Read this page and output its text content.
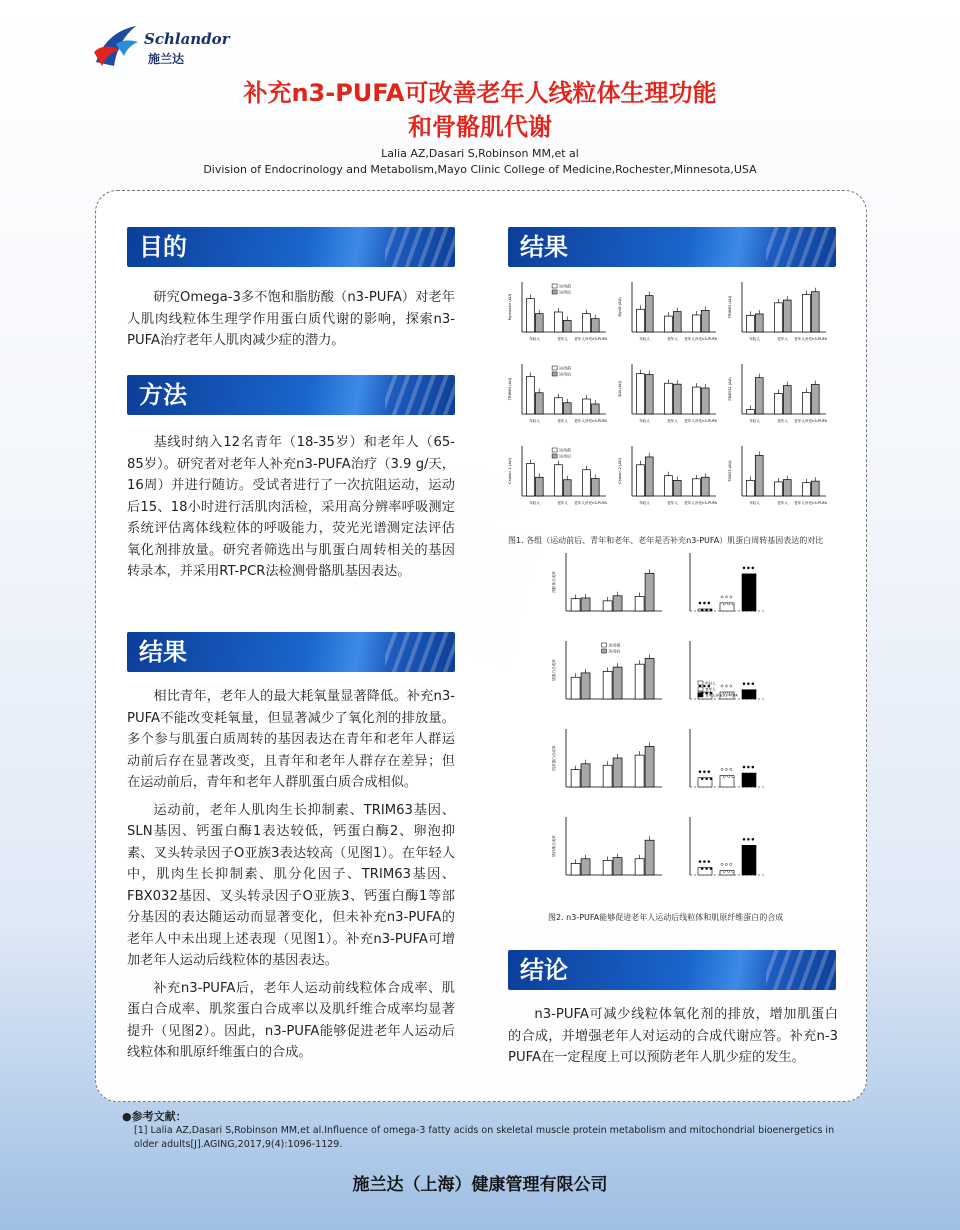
Schlandor
施兰达
补充n3-PUFA可改善老年人线粒体生理功能
和骨骼肌代谢
Lalia AZ,Dasari S,Robinson MM,et al
Division of Endocrinology and Metabolism,Mayo Clinic College of Medicine,Rochester,Minnesota,USA
目的

研究Omega-3多不饱和脂肪酸（n3-PUFA）对老年人肌肉线粒体生理学作用蛋白质代谢的影响，探索n3-PUFA治疗老年人肌肉减少症的潜力。

方法

基线时纳入12名青年（18-35岁）和老年人（65-85岁）。研究者对老年人补充n3-PUFA治疗（3.9 g/天，16周）并进行随访。受试者进行了一次抗阻运动，运动后15、18小时进行活肌肉活检，采用高分辨率呼吸测定系统评估离体线粒体的呼吸能力，荧光光谱测定法评估氧化剂排放量。研究者筛选出与肌蛋白周转相关的基因转录本，并采用RT-PCR法检测骨骼肌基因表达。

结果

相比青年，老年人的最大耗氧量显著降低。补充n3-PUFA不能改变耗氧量，但显著减少了氧化剂的排放量。多个参与肌蛋白质周转的基因表达在青年和老年人群运动前后存在显著改变，且青年和老年人群存在差异；但在运动前后，青年和老年人群肌蛋白质合成相似。

运动前，老年人肌肉生长抑制素、TRIM63基因、SLN基因、钙蛋白酶1表达较低，钙蛋白酶2、卵泡抑素、叉头转录因子O亚族3表达较高（见图1）。在年轻人中，肌肉生长抑制素、肌分化因子、TRIM63基因、FBX032基因、叉头转录因子O亚族3、钙蛋白酶1等部分基因的表达随运动而显著变化，但未补充n3-PUFA的老年人中未出现上述表现（见图1）。补充n3-PUFA可增加老年人运动后线粒体的基因表达。

补充n3-PUFA后，老年人运动前线粒体合成率、肌蛋白合成率、肌浆蛋白合成率以及肌纤维合成率均显著提升（见图2）。因此，n3-PUFA能够促进老年人运动后线粒体和肌原纤维蛋白的合成。

结果
年轻人	老年人 老年人补充n3-PUFA
Myostatin (AU)
运动前
运动后
年轻人	老年人 老年人补充n3-PUFA
MyoD (AU)
年轻人	老年人 老年人补充n3-PUFA
TRIM63 (AU)
年轻人	老年人 老年人补充n3-PUFA
TRIM63 (AU)
运动前
运动后
年轻人	老年人 老年人补充n3-PUFA
SLN (AU)
年轻人	老年人 老年人补充n3-PUFA
FBXO32 (AU)
年轻人	老年人 老年人补充n3-PUFA
Calpain 1 (AU)
运动前
运动后
年轻人	老年人 老年人补充n3-PUFA
Calpain 2 (AU)
年轻人	老年人 老年人补充n3-PUFA
FOXO3 (AU)
图1. 各组（运动前后、青年和老年、老年是否补充n3-PUFA）肌蛋白周转基因表达的对比
线粒体合成率
肌蛋白合成率
运动前
运动后
年轻人
老年人
老年人补充n3-PUFA
肌浆蛋白合成率
肌纤维合成率
图2. n3-PUFA能够促进老年人运动后线粒体和肌原纤维蛋白的合成
结论

n3-PUFA可减少线粒体氧化剂的排放，增加肌蛋白的合成，并增强老年人对运动的合成代谢应答。补充n-3 PUFA在一定程度上可以预防老年人肌少症的发生。

●参考文献：
[1] Lalia AZ,Dasari S,Robinson MM,et al.Influence of omega-3 fatty acids on skeletal muscle protein metabolism and mitochondrial bioenergetics in older adults[J].AGING,2017,9(4):1096-1129.
施兰达（上海）健康管理有限公司
